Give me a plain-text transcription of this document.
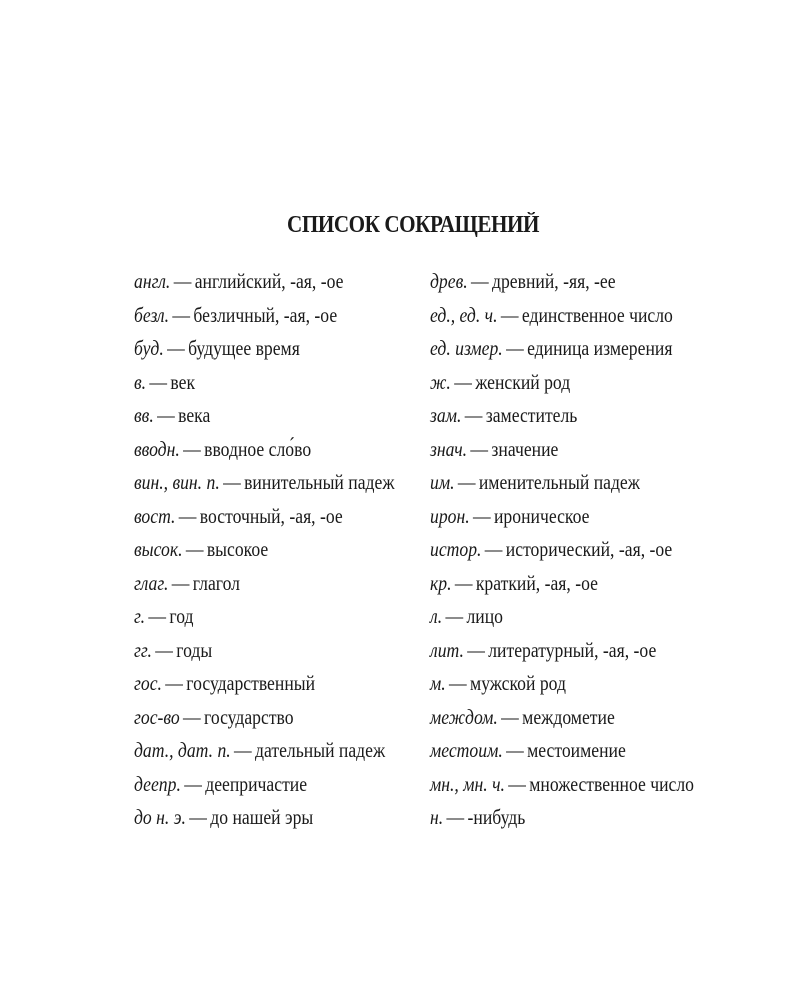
СПИСОК СОКРАЩЕНИЙ
англ. — английский, -ая, -ое
безл. — безличный, -ая, -ое
буд. — будущее время
в. — век
вв. — века
вводн. — вводное сло́во
вин., вин. п. — винительный падеж
вост. — восточный, -ая, -ое
высок. — высокое
глаг. — глагол
г. — год
гг. — годы
гос. — государственный
гос-во — государство
дат., дат. п. — дательный падеж
деепр. — деепричастие
до н. э. — до нашей эры
древ. — древний, -яя, -ее
ед., ед. ч. — единственное число
ед. измер. — единица измерения
ж. — женский род
зам. — заместитель
знач. — значение
им. — именительный падеж
ирон. — ироническое
истор. — исторический, -ая, -ое
кр. — краткий, -ая, -ое
л. — лицо
лит. — литературный, -ая, -ое
м. — мужской род
междом. — междометие
местоим. — местоимение
мн., мн. ч. — множественное число
н. — -нибудь
